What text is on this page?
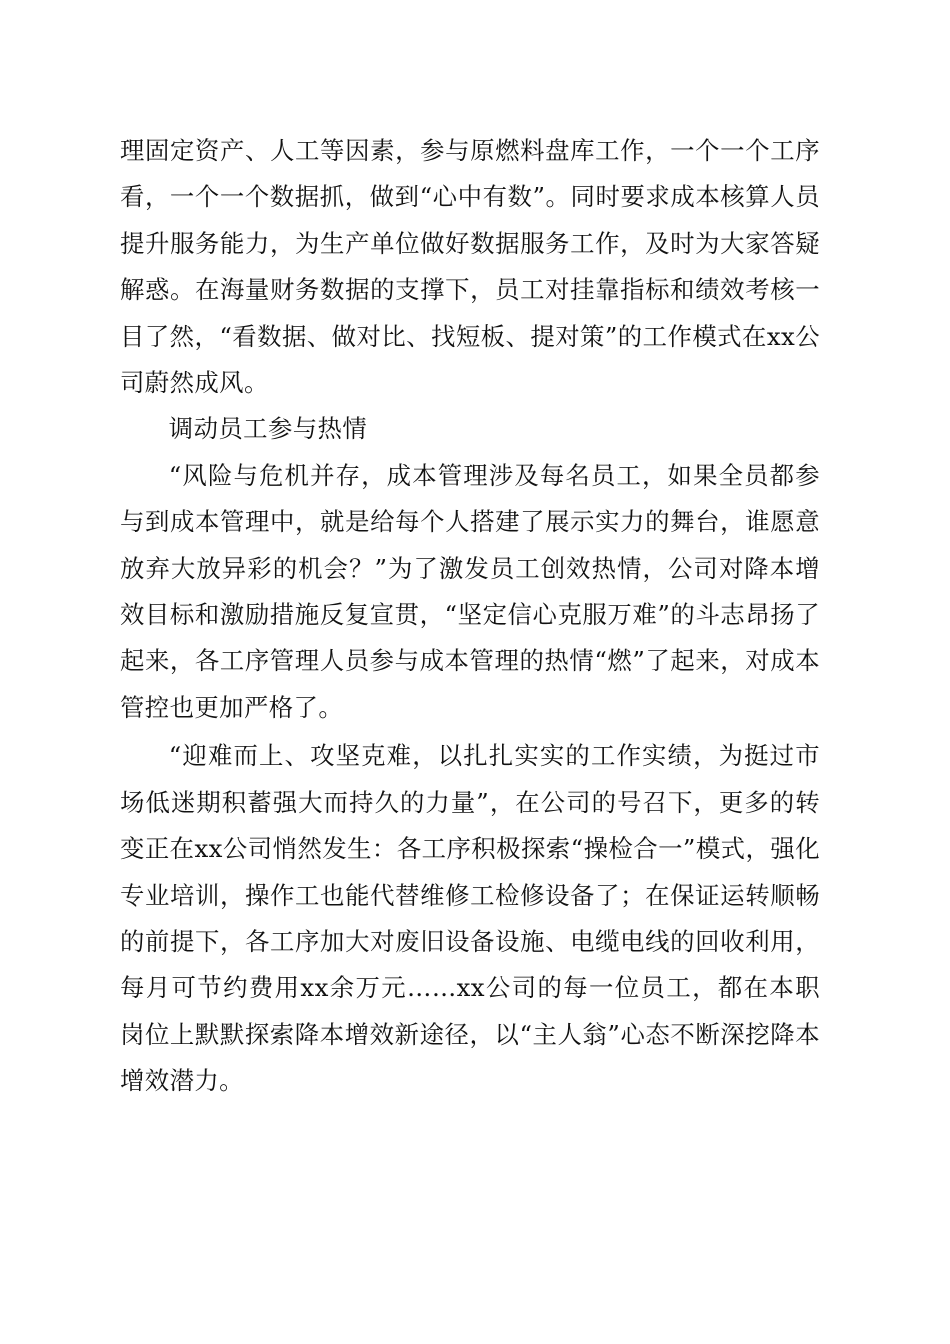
理固定资产、人工等因素，参与原燃料盘库工作，一个一个工序看，一个一个数据抓，做到“心中有数”。同时要求成本核算人员提升服务能力，为生产单位做好数据服务工作，及时为大家答疑解惑。在海量财务数据的支撑下，员工对挂靠指标和绩效考核一目了然，“看数据、做对比、找短板、提对策”的工作模式在xx公司蔚然成风。

调动员工参与热情

“风险与危机并存，成本管理涉及每名员工，如果全员都参与到成本管理中，就是给每个人搭建了展示实力的舞台，谁愿意放弃大放异彩的机会？”为了激发员工创效热情，公司对降本增效目标和激励措施反复宣贯，“坚定信心克服万难”的斗志昂扬了起来，各工序管理人员参与成本管理的热情“燃”了起来，对成本管控也更加严格了。

“迎难而上、攻坚克难，以扎扎实实的工作实绩，为挺过市场低迷期积蓄强大而持久的力量”，在公司的号召下，更多的转变正在xx公司悄然发生：各工序积极探索“操检合一”模式，强化专业培训，操作工也能代替维修工检修设备了；在保证运转顺畅的前提下，各工序加大对废旧设备设施、电缆电线的回收利用，每月可节约费用xx余万元……xx公司的每一位员工，都在本职岗位上默默探索降本增效新途径，以“主人翁”心态不断深挖降本增效潜力。
